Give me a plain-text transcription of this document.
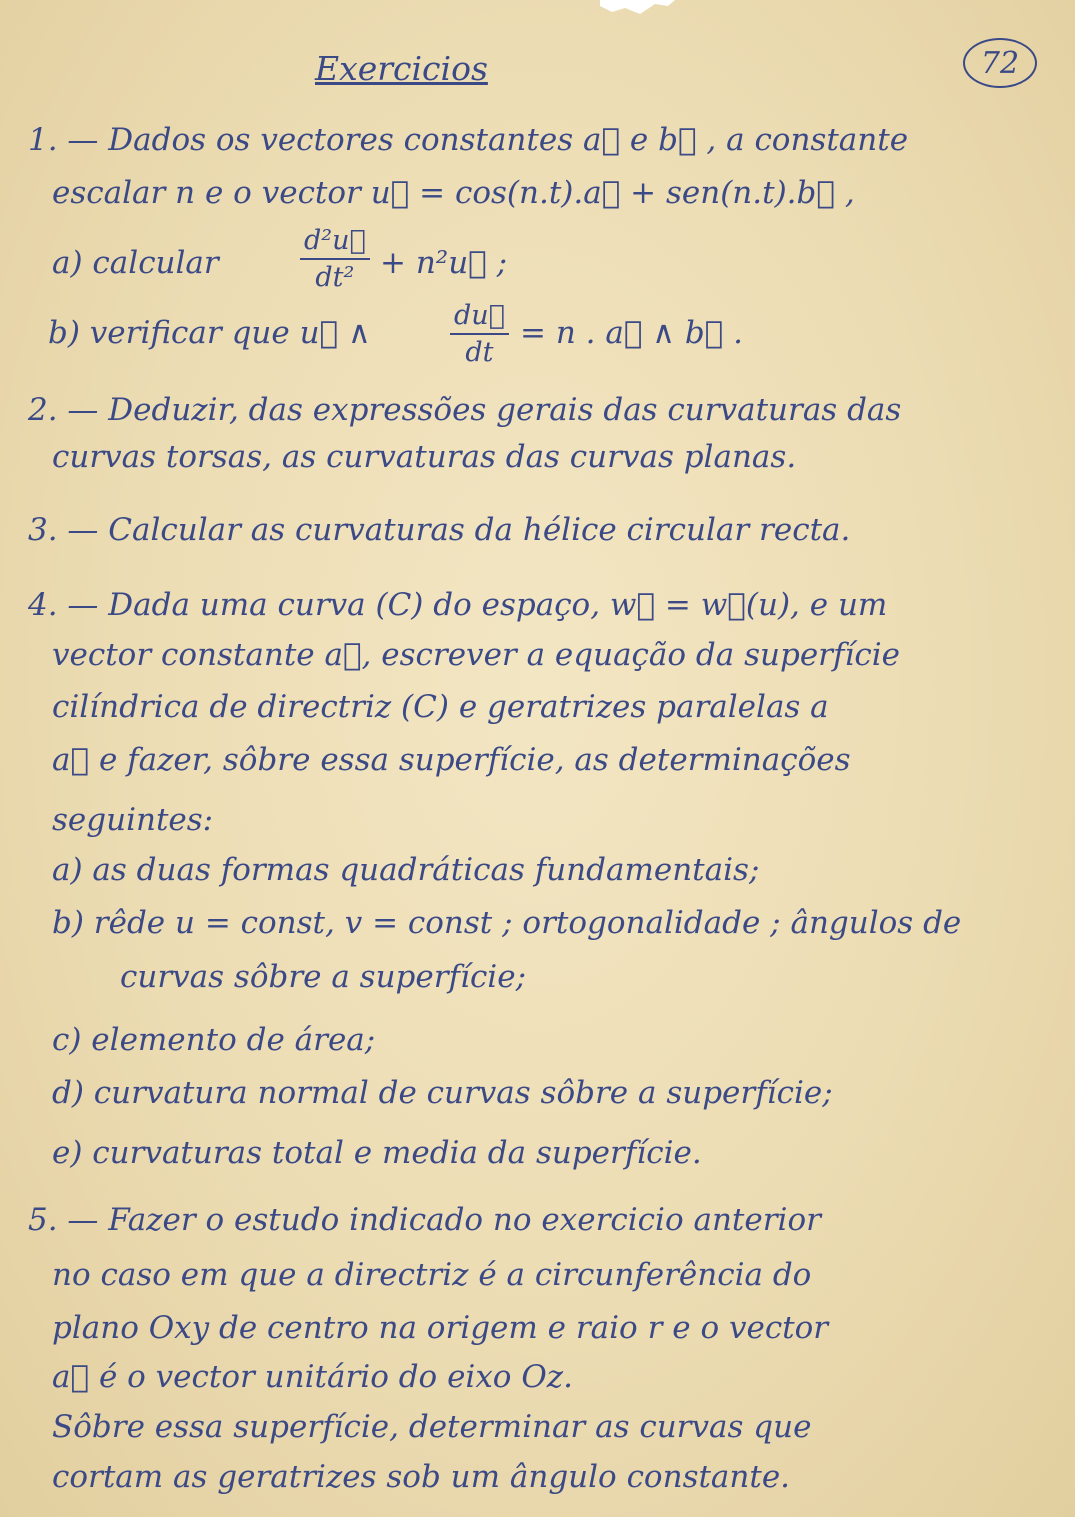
Exercicios	72
1. — Dados os vectores constantes a⃗ e b⃗ , a constante
escalar n e o vector u⃗ = cos(n.t).a⃗ + sen(n.t).b⃗ ,
a) calcular	$\frac{\text{d²u⃗}}{\text{dt²}}$ + n²u⃗ ;
b) verificar que u⃗ ∧	$\frac{du⃗}{dt} = n$ . a⃗ ∧ b⃗ .
2. — Deduzir, das expressões gerais das curvaturas das
curvas torsas, as curvaturas das curvas planas.
3. — Calcular as curvaturas da hélice circular recta.
4. — Dada uma curva (C) do espaço, w⃗ = w⃗(u), e um
vector constante a⃗, escrever a equação da superfície
cilíndrica de directriz (C) e geratrizes paralelas a
a⃗ e fazer, sôbre essa superfície, as determinações
seguintes:
a) as duas formas quadráticas fundamentais;
b) rêde u = const, v = const ; ortogonalidade ; ângulos de
curvas sôbre a superfície;
c) elemento de área;
d) curvatura normal de curvas sôbre a superfície;
e) curvaturas total e media da superfície.
5. — Fazer o estudo indicado no exercicio anterior
no caso em que a directriz é a circunferência do
plano Oxy de centro na origem e raio r e o vector
a⃗ é o vector unitário do eixo Oz.
Sôbre essa superfície, determinar as curvas que
cortam as geratrizes sob um ângulo constante.
